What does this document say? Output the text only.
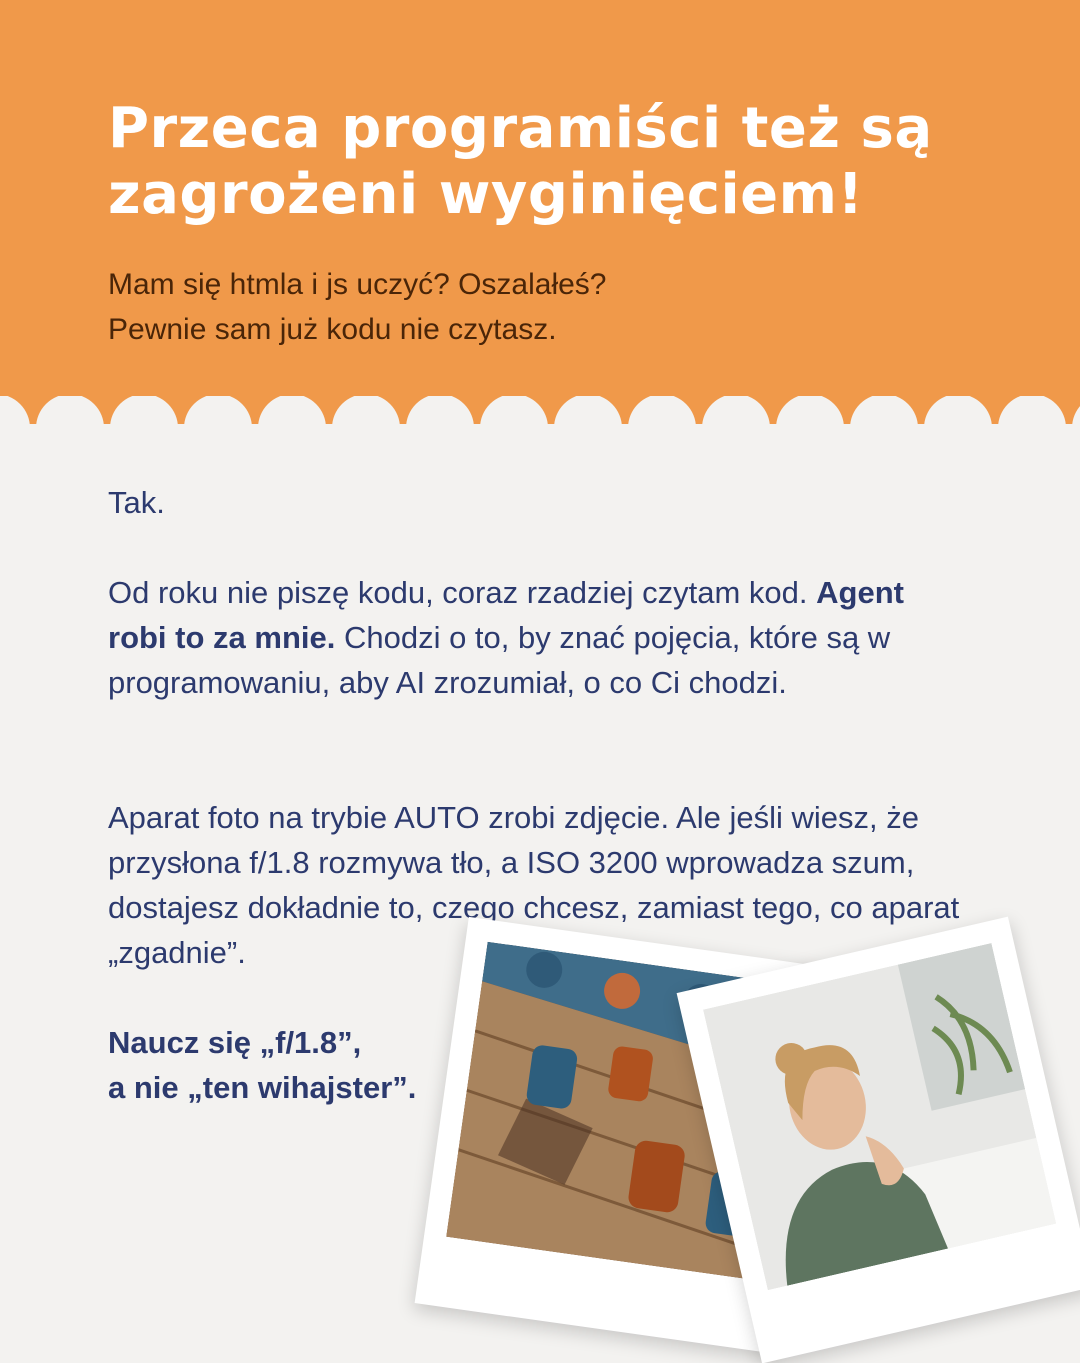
Przeca programiści też są zagrożeni wyginięciem!
Mam się htmla i js uczyć? Oszalałeś?
Pewnie sam już kodu nie czytasz.
Tak.
Od roku nie piszę kodu, coraz rzadziej czytam kod. Agent robi to za mnie. Chodzi o to, by znać pojęcia, które są w programowaniu, aby AI zrozumiał, o co Ci chodzi.
Aparat foto na trybie AUTO zrobi zdjęcie. Ale jeśli wiesz, że przysłona f/1.8 rozmywa tło, a ISO 3200 wprowadza szum, dostajesz dokładnie to, czego chcesz, zamiast tego, co aparat „zgadnie”.
Naucz się „f/1.8”,
a nie „ten wihajster”.
